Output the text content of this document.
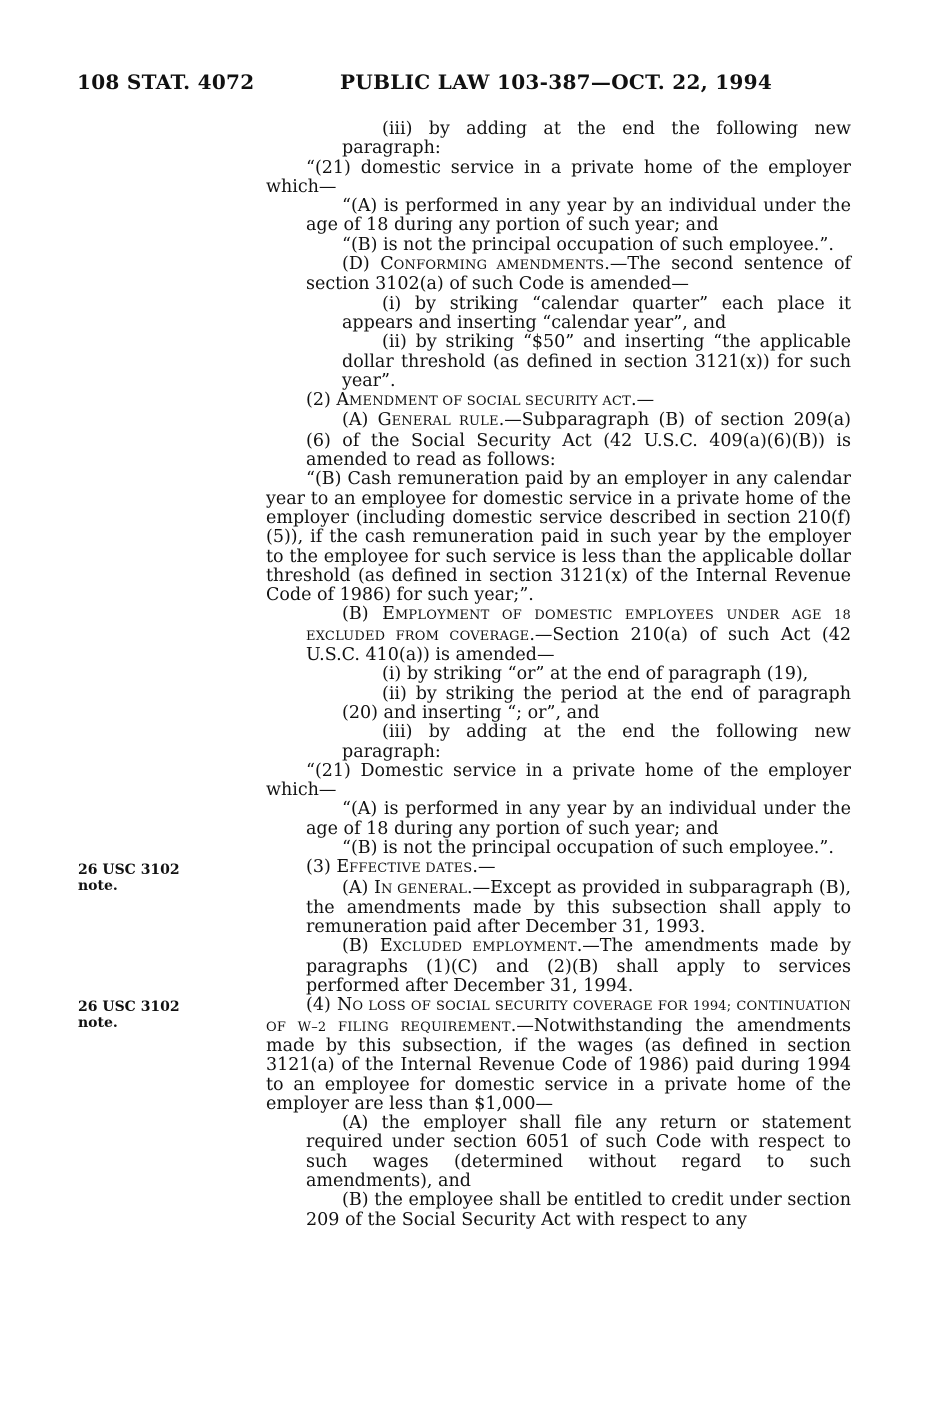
108 STAT. 4072	PUBLIC LAW 103-387—OCT. 22, 1994
26 USC 3102
note.
26 USC 3102
note.

(iii) by adding at the end the following new paragraph:

“(21) domestic service in a private home of the employer which—

“(A) is performed in any year by an individual under the age of 18 during any portion of such year; and

“(B) is not the principal occupation of such employee.”.

(D) CONFORMING AMENDMENTS.—The second sentence of section 3102(a) of such Code is amended—

(i) by striking “calendar quarter” each place it appears and inserting “calendar year”, and

(ii) by striking “$50” and inserting “the applicable dollar threshold (as defined in section 3121(x)) for such year”.

(2) AMENDMENT OF SOCIAL SECURITY ACT.—

(A) GENERAL RULE.—Subparagraph (B) of section 209(a)(6) of the Social Security Act (42 U.S.C. 409(a)(6)(B)) is amended to read as follows:

“(B) Cash remuneration paid by an employer in any calendar year to an employee for domestic service in a private home of the employer (including domestic service described in section 210(f)(5)), if the cash remuneration paid in such year by the employer to the employee for such service is less than the applicable dollar threshold (as defined in section 3121(x) of the Internal Revenue Code of 1986) for such year;”.

(B) EMPLOYMENT OF DOMESTIC EMPLOYEES UNDER AGE 18 EXCLUDED FROM COVERAGE.—Section 210(a) of such Act (42 U.S.C. 410(a)) is amended—

(i) by striking “or” at the end of paragraph (19),

(ii) by striking the period at the end of paragraph (20) and inserting “; or”, and

(iii) by adding at the end the following new paragraph:

“(21) Domestic service in a private home of the employer which—

“(A) is performed in any year by an individual under the age of 18 during any portion of such year; and

“(B) is not the principal occupation of such employee.”.

(3) EFFECTIVE DATES.—

(A) IN GENERAL.—Except as provided in subparagraph (B), the amendments made by this subsection shall apply to remuneration paid after December 31, 1993.

(B) EXCLUDED EMPLOYMENT.—The amendments made by paragraphs (1)(C) and (2)(B) shall apply to services performed after December 31, 1994.

(4) NO LOSS OF SOCIAL SECURITY COVERAGE FOR 1994; CONTINUATION OF W–2 FILING REQUIREMENT.—Notwithstanding the amendments made by this subsection, if the wages (as defined in section 3121(a) of the Internal Revenue Code of 1986) paid during 1994 to an employee for domestic service in a private home of the employer are less than $1,000—

(A) the employer shall file any return or statement required under section 6051 of such Code with respect to such wages (determined without regard to such amendments), and

(B) the employee shall be entitled to credit under section 209 of the Social Security Act with respect to any
